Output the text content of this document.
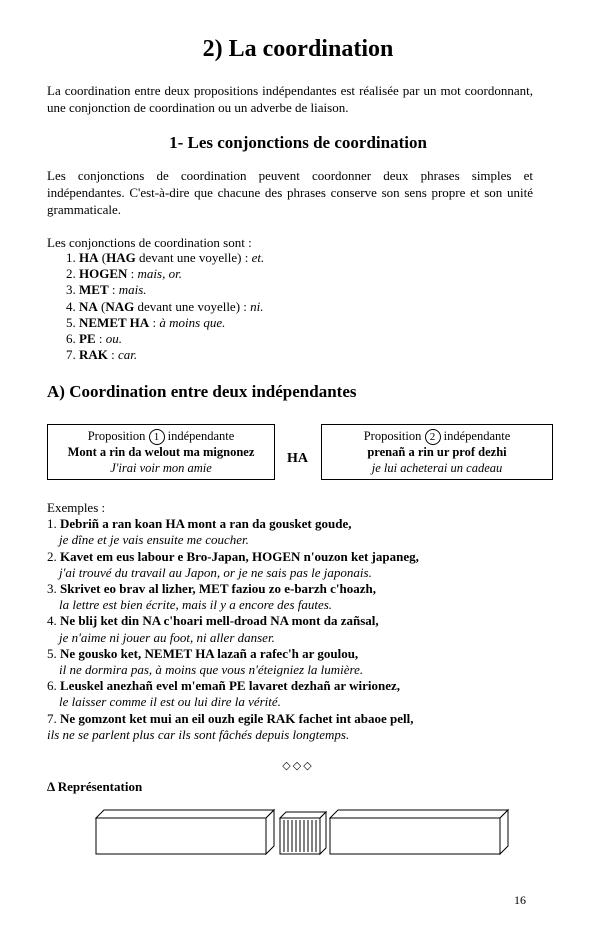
2) La coordination
La coordination entre deux propositions indépendantes est réalisée par un mot coordonnant, une conjonction de coordination ou un adverbe de liaison.
1- Les conjonctions de coordination
Les conjonctions de coordination peuvent coordonner deux phrases simples et indépendantes. C'est-à-dire que chacune des phrases conserve son sens propre et son unité grammaticale.
Les conjonctions de coordination sont :
1. HA (HAG devant une voyelle) : et.
2. HOGEN : mais, or.
3. MET : mais.
4. NA (NAG devant une voyelle) : ni.
5. NEMET HA : à moins que.
6. PE : ou.
7. RAK : car.
A) Coordination entre deux indépendantes
Proposition 1 indépendante
Mont a rin da welout ma mignonez
J'irai voir mon amie
HA
Proposition 2 indépendante
prenañ a rin ur prof dezhi
je lui acheterai un cadeau
Exemples :
1. Debriñ a ran koan HA mont a ran da gousket goude,
je dîne et je vais ensuite me coucher.
2. Kavet em eus labour e Bro-Japan, HOGEN n'ouzon ket japaneg,
j'ai trouvé du travail au Japon, or je ne sais pas le japonais.
3. Skrivet eo brav al lizher, MET faziou zo e-barzh c'hoazh,
la lettre est bien écrite, mais il y a encore des fautes.
4. Ne blij ket din NA c'hoari mell-droad NA mont da zañsal,
je n'aime ni jouer au foot, ni aller danser.
5. Ne gousko ket, NEMET HA lazañ a rafec'h ar goulou,
il ne dormira pas, à moins que vous n'éteigniez la lumière.
6. Leuskel anezhañ evel m'emañ PE lavaret dezhañ ar wirionez,
le laisser comme il est ou lui dire la vérité.
7. Ne gomzont ket mui an eil ouzh egile RAK fachet int abaoe pell,
ils ne se parlent plus car ils sont fâchés depuis longtemps.
◇◇◇
Δ Représentation
16
